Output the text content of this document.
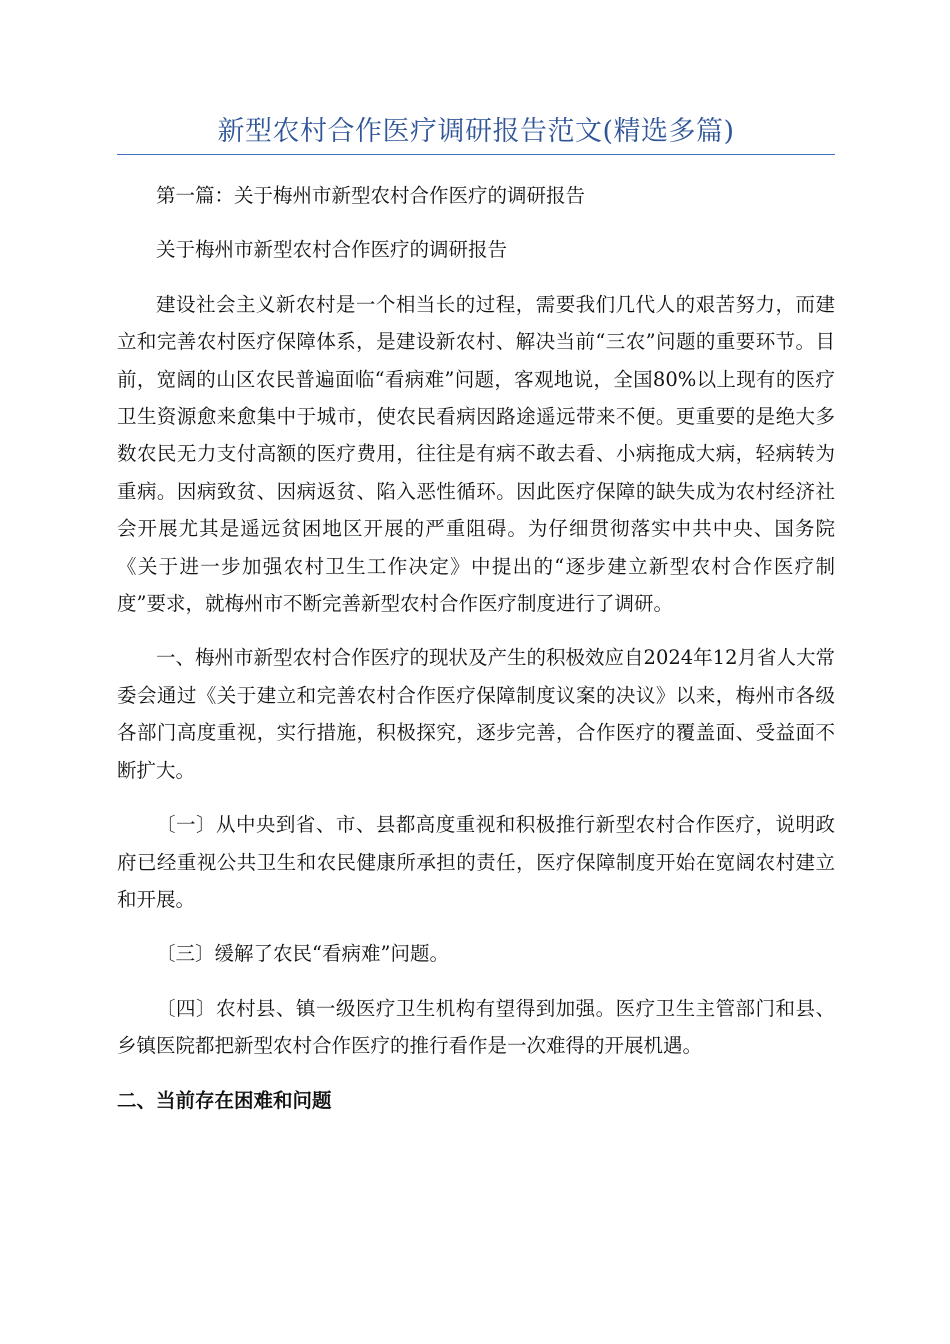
新型农村合作医疗调研报告范文(精选多篇)

第一篇：关于梅州市新型农村合作医疗的调研报告

关于梅州市新型农村合作医疗的调研报告

建设社会主义新农村是一个相当长的过程，需要我们几代人的艰苦努力，而建立和完善农村医疗保障体系，是建设新农村、解决当前“三农”问题的重要环节。目前，宽阔的山区农民普遍面临“看病难”问题，客观地说，全国80%以上现有的医疗卫生资源愈来愈集中于城市，使农民看病因路途遥远带来不便。更重要的是绝大多数农民无力支付高额的医疗费用，往往是有病不敢去看、小病拖成大病，轻病转为重病。因病致贫、因病返贫、陷入恶性循环。因此医疗保障的缺失成为农村经济社会开展尤其是遥远贫困地区开展的严重阻碍。为仔细贯彻落实中共中央、国务院《关于进一步加强农村卫生工作决定》中提出的“逐步建立新型农村合作医疗制度”要求，就梅州市不断完善新型农村合作医疗制度进行了调研。

一、梅州市新型农村合作医疗的现状及产生的积极效应自2024年12月省人大常委会通过《关于建立和完善农村合作医疗保障制度议案的决议》以来，梅州市各级各部门高度重视，实行措施，积极探究，逐步完善，合作医疗的覆盖面、受益面不断扩大。

〔一〕从中央到省、市、县都高度重视和积极推行新型农村合作医疗，说明政府已经重视公共卫生和农民健康所承担的责任，医疗保障制度开始在宽阔农村建立和开展。

〔三〕缓解了农民“看病难”问题。

〔四〕农村县、镇一级医疗卫生机构有望得到加强。医疗卫生主管部门和县、乡镇医院都把新型农村合作医疗的推行看作是一次难得的开展机遇。

二、当前存在困难和问题
